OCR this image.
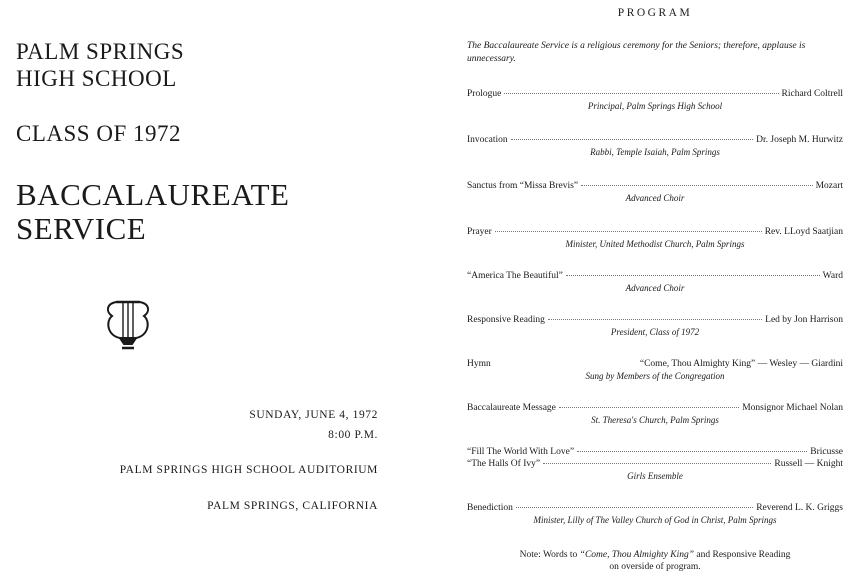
PALM SPRINGS
HIGH SCHOOL
CLASS OF 1972
BACCALAUREATE
SERVICE
SUNDAY, JUNE 4, 1972
8:00 P.M.
PALM SPRINGS HIGH SCHOOL AUDITORIUM
PALM SPRINGS, CALIFORNIA
PROGRAM
The Baccalaureate Service is a religious ceremony for the Seniors; therefore, applause is unnecessary.
Prologue	Richard Coltrell
Principal, Palm Springs High School
Invocation	Dr. Joseph M. Hurwitz
Rabbi, Temple Isaiah, Palm Springs
Sanctus from “Missa Brevis”	Mozart
Advanced Choir
Prayer	Rev. LLoyd Saatjian
Minister, United Methodist Church, Palm Springs
“America The Beautiful”	Ward
Advanced Choir
Responsive Reading	Led by Jon Harrison
President, Class of 1972
Hymn	“Come, Thou Almighty King” — Wesley — Giardini
Sung by Members of the Congregation
Baccalaureate Message	Monsignor Michael Nolan
St. Theresa's Church, Palm Springs
“Fill The World With Love”	Bricusse
“The Halls Of Ivy”	Russell — Knight
Girls Ensemble
Benediction	Reverend L. K. Griggs
Minister, Lilly of The Valley Church of God in Christ, Palm Springs
Note: Words to “Come, Thou Almighty King” and Responsive Reading
on overside of program.
